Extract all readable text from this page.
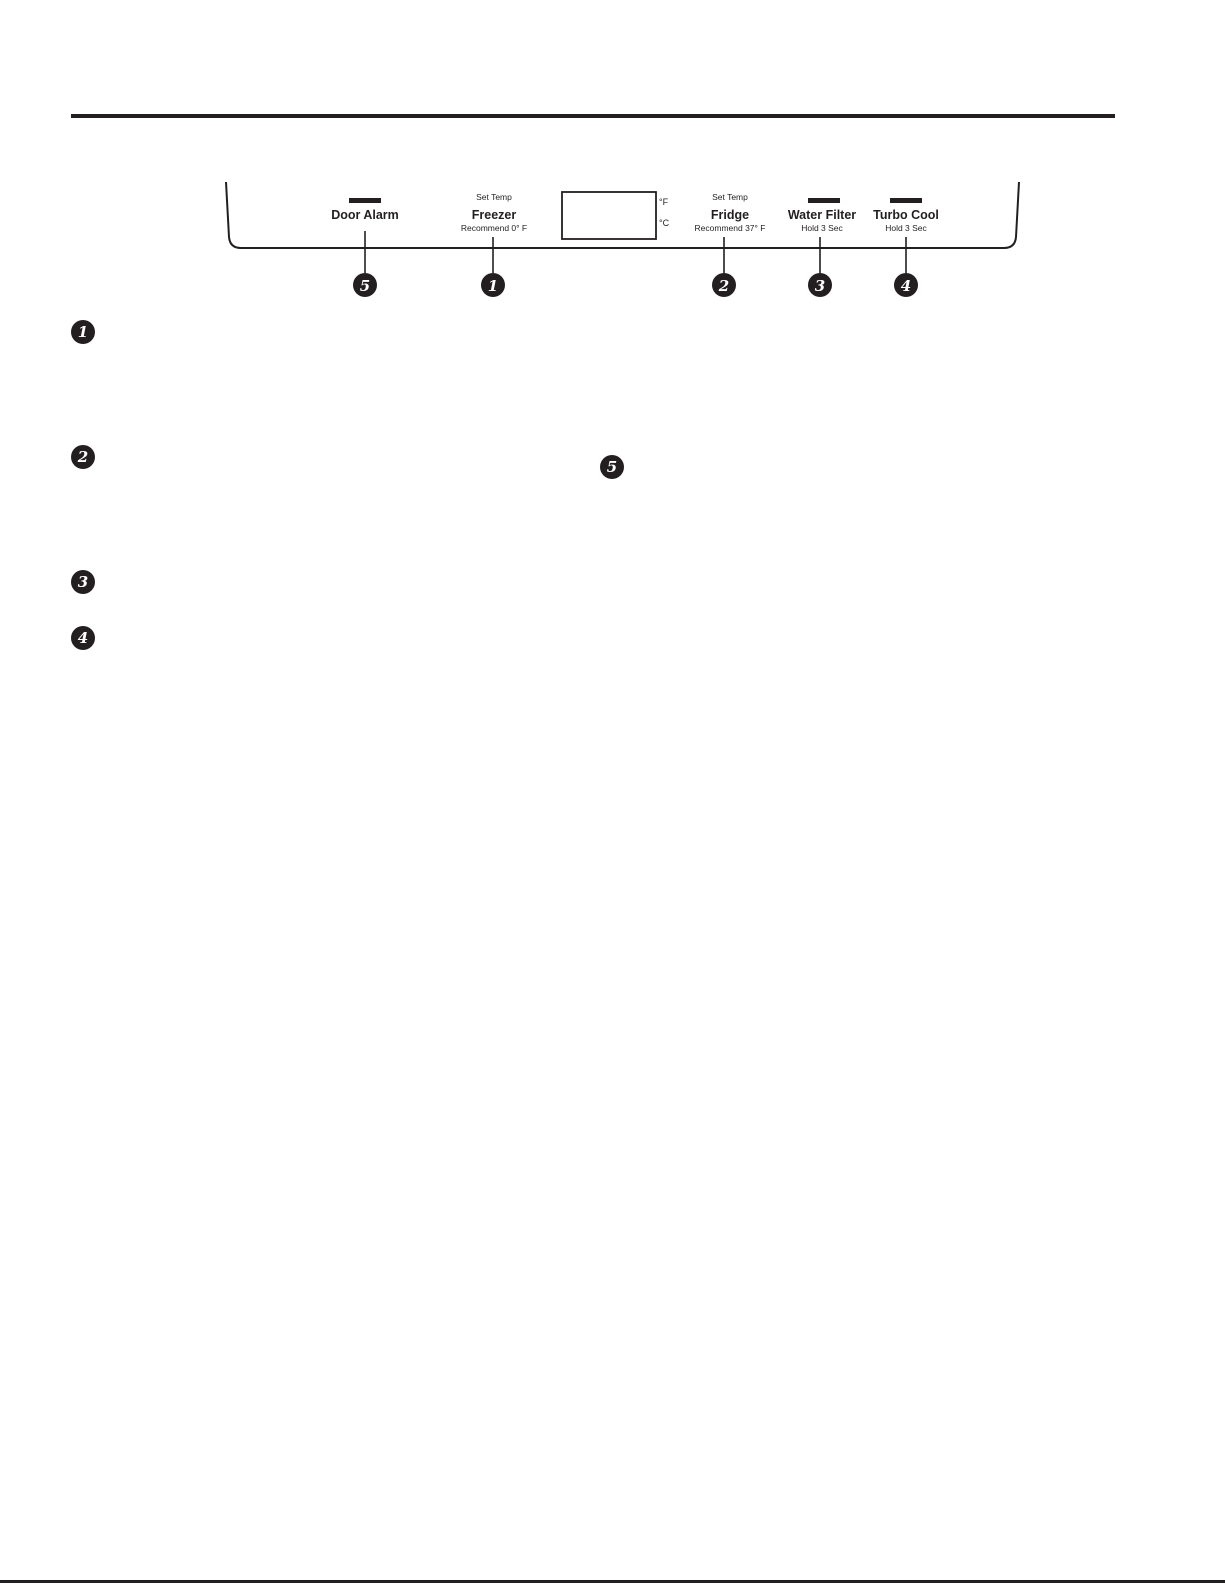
°F
°C
Door Alarm
Set Temp
Freezer
Recommend 0° F
Set Temp
Fridge
Recommend 37° F
Water Filter
Hold 3 Sec
Turbo Cool
Hold 3 Sec
5	1	2	3	4
1
2
3
4
5
